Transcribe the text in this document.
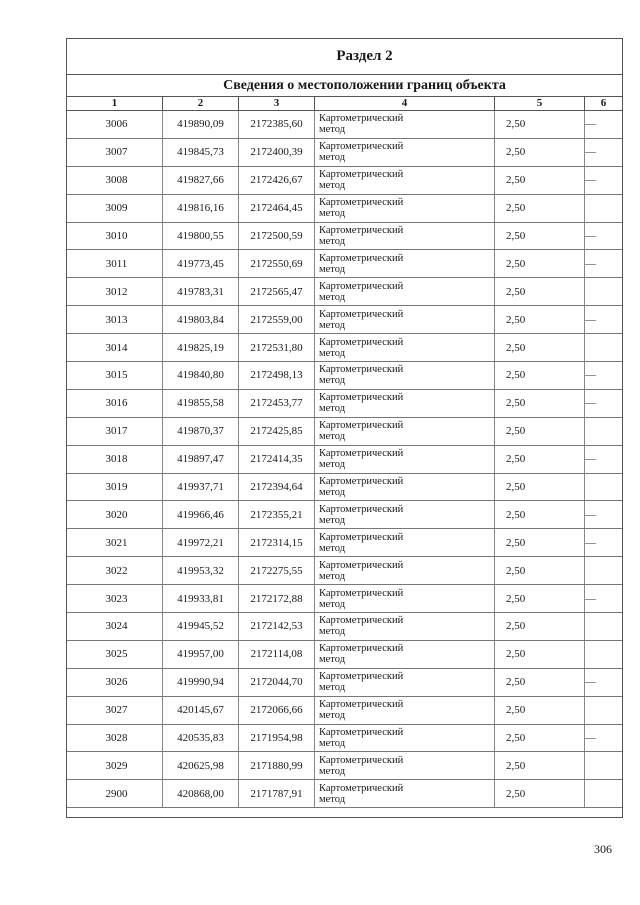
Раздел 2
Сведения о местоположении границ объекта
1	2	3	4	5	6
3006	419890,09	2172385,60	Картометрический
метод	2,50	—
3007	419845,73	2172400,39	Картометрический
метод	2,50	—
3008	419827,66	2172426,67	Картометрический
метод	2,50	—
3009	419816,16	2172464,45	Картометрический
метод	2,50
3010	419800,55	2172500,59	Картометрический
метод	2,50	—
3011	419773,45	2172550,69	Картометрический
метод	2,50	—
3012	419783,31	2172565,47	Картометрический
метод	2,50
3013	419803,84	2172559,00	Картометрический
метод	2,50	—
3014	419825,19	2172531,80	Картометрический
метод	2,50
3015	419840,80	2172498,13	Картометрический
метод	2,50	—
3016	419855,58	2172453,77	Картометрический
метод	2,50	—
3017	419870,37	2172425,85	Картометрический
метод	2,50
3018	419897,47	2172414,35	Картометрический
метод	2,50	—
3019	419937,71	2172394,64	Картометрический
метод	2,50
3020	419966,46	2172355,21	Картометрический
метод	2,50	—
3021	419972,21	2172314,15	Картометрический
метод	2,50	—
3022	419953,32	2172275,55	Картометрический
метод	2,50
3023	419933,81	2172172,88	Картометрический
метод	2,50	—
3024	419945,52	2172142,53	Картометрический
метод	2,50
3025	419957,00	2172114,08	Картометрический
метод	2,50
3026	419990,94	2172044,70	Картометрический
метод	2,50	—
3027	420145,67	2172066,66	Картометрический
метод	2,50
3028	420535,83	2171954,98	Картометрический
метод	2,50	—
3029	420625,98	2171880,99	Картометрический
метод	2,50
2900	420868,00	2171787,91	Картометрический
метод	2,50
306
